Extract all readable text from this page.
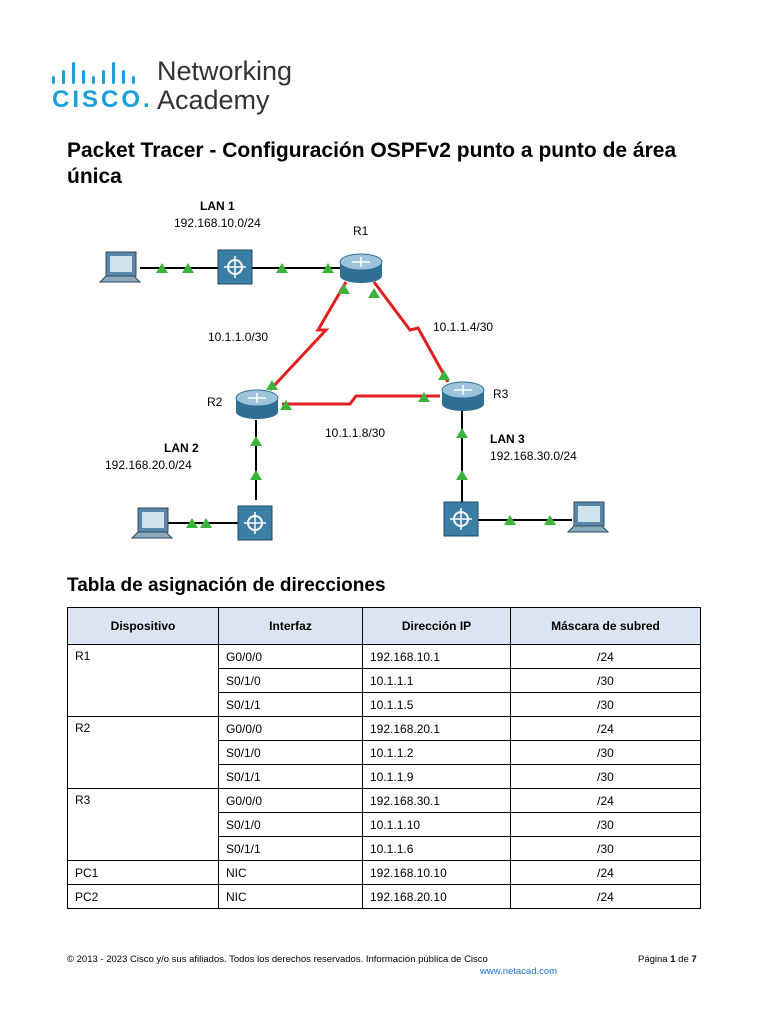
CISCO.
Networking
Academy
Packet Tracer - Configuración OSPFv2 punto a punto de área única
LAN 1
192.168.10.0/24
R1
10.1.1.0/30
10.1.1.4/30
R2
R3
10.1.1.8/30
LAN 2
192.168.20.0/24
LAN 3
192.168.30.0/24
Tabla de asignación de direcciones
Dispositivo	Interfaz	Dirección IP	Máscara de subred
R1	G0/0/0	192.168.10.1	/24
	S0/1/0	10.1.1.1	/30
	S0/1/1	10.1.1.5	/30
R2	G0/0/0	192.168.20.1	/24
	S0/1/0	10.1.1.2	/30
	S0/1/1	10.1.1.9	/30
R3	G0/0/0	192.168.30.1	/24
	S0/1/0	10.1.1.10	/30
	S0/1/1	10.1.1.6	/30
PC1	NIC	192.168.10.10	/24
PC2	NIC	192.168.20.10	/24
© 2013 - 2023 Cisco y/o sus afiliados. Todos los derechos reservados. Información pública de Cisco
www.netacad.com
Página 1 de 7
